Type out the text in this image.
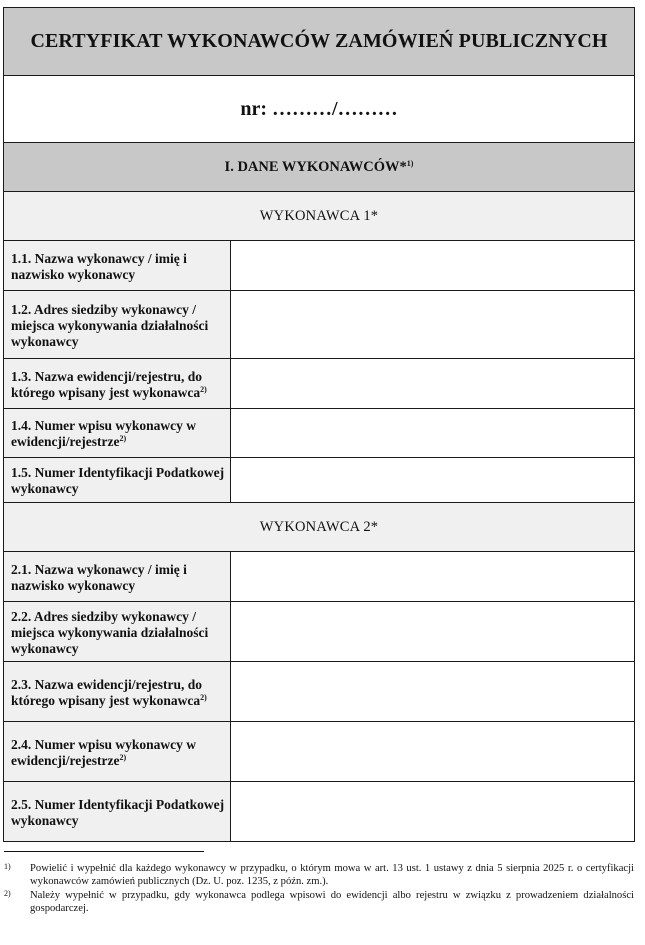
CERTYFIKAT WYKONAWCÓW ZAMÓWIEŃ PUBLICZNYCH	
nr: ………/………	
I. DANE WYKONAWCÓW*$^{1)}$
WYKONAWCA 1*	
1.1. Nazwa wykonawcy / imię i nazwisko wykonawcy	
1.2. Adres siedziby wykonawcy / miejsca wykonywania działalności wykonawcy	
1.3. Nazwa ewidencji/rejestru, do którego wpisany jest wykonawca$^{2)}$	
1.4. Numer wpisu wykonawcy w ewidencji/rejestrze$^{2)}$	
1.5. Numer Identyfikacji Podatkowej wykonawcy	
WYKONAWCA 2*	
2.1. Nazwa wykonawcy / imię i nazwisko wykonawcy	
2.2. Adres siedziby wykonawcy / miejsca wykonywania działalności wykonawcy	
2.3. Nazwa ewidencji/rejestru, do którego wpisany jest wykonawca$^{2)}$	
2.4. Numer wpisu wykonawcy w ewidencji/rejestrze$^{2)}$	
2.5. Numer Identyfikacji Podatkowej wykonawcy	
1)	Powielić i wypełnić dla każdego wykonawcy w przypadku, o którym mowa w art. 13 ust. 1 ustawy z dnia 5 sierpnia 2025 r. o certyfikacji wykonawców zamówień publicznych (Dz. U. poz. 1235, z późn. zm.).
2)	Należy wypełnić w przypadku, gdy wykonawca podlega wpisowi do ewidencji albo rejestru w związku z prowadzeniem działalności gospodarczej.
